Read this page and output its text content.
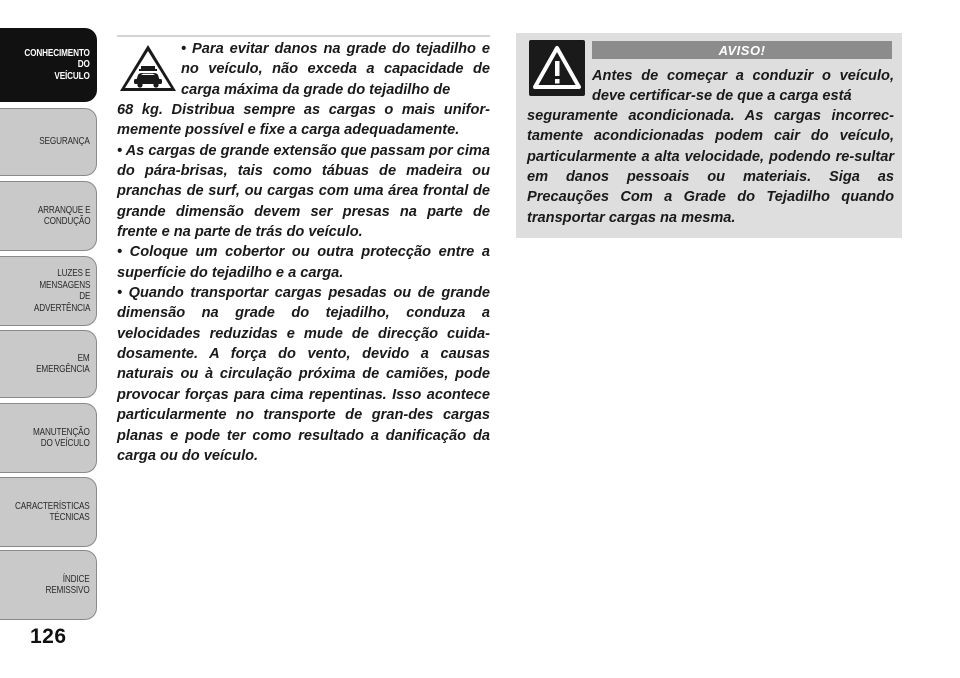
CONHECIMENTO
DO
VEÍCULO
SEGURANÇA
ARRANQUE E
CONDUÇÃO
LUZES E
MENSAGENS
DE
ADVERTÊNCIA
EM
EMERGÊNCIA
MANUTENÇÃO
DO VEÍCULO
CARACTERÍSTICAS
TÉCNICAS
ÍNDICE
REMISSIVO
126
• Para evitar danos na grade do tejadilho e no veículo, não exceda a capacidade de carga máxima da grade do tejadilho de
68 kg. Distribua sempre as cargas o mais unifor-memente possível e fixe a carga adequadamente.
• As cargas de grande extensão que passam por cima do pára-brisas, tais como tábuas de madeira ou pranchas de surf, ou cargas com uma área frontal de grande dimensão devem ser presas na parte de frente e na parte de trás do veículo.
• Coloque um cobertor ou outra protecção entre a superfície do tejadilho e a carga.
• Quando transportar cargas pesadas ou de grande dimensão na grade do tejadilho, conduza a velocidades reduzidas e mude de direcção cuida-dosamente. A força do vento, devido a causas naturais ou à circulação próxima de camiões, pode provocar forças para cima repentinas. Isso acontece particularmente no transporte de gran-des cargas planas e pode ter como resultado a danificação da carga ou do veículo.
AVISO!
Antes de começar a conduzir o veículo, deve certificar-se de que a carga está
seguramente acondicionada. As cargas incorrec-tamente acondicionadas podem cair do veículo, particularmente a alta velocidade, podendo re-sultar em danos pessoais ou materiais. Siga as Precauções Com a Grade do Tejadilho quando transportar cargas na mesma.
